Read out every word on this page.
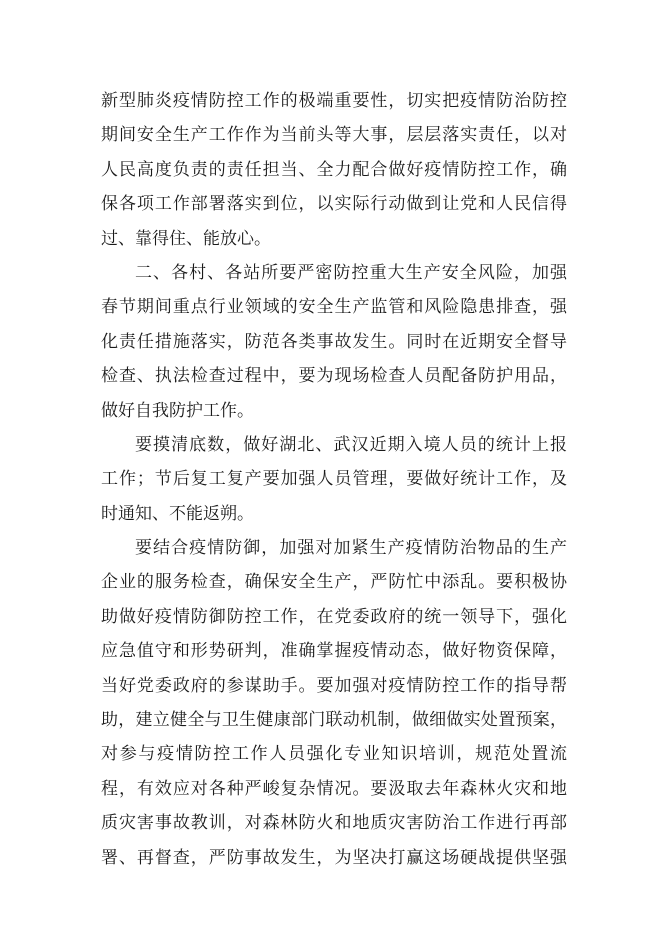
新型肺炎疫情防控工作的极端重要性，切实把疫情防治防控
期间安全生产工作作为当前头等大事，层层落实责任，以对
人民高度负责的责任担当、全力配合做好疫情防控工作，确
保各项工作部署落实到位，以实际行动做到让党和人民信得
过、靠得住、能放心。
二、各村、各站所要严密防控重大生产安全风险，加强
春节期间重点行业领域的安全生产监管和风险隐患排查，强
化责任措施落实，防范各类事故发生。同时在近期安全督导
检查、执法检查过程中，要为现场检查人员配备防护用品，
做好自我防护工作。
要摸清底数，做好湖北、武汉近期入境人员的统计上报
工作；节后复工复产要加强人员管理，要做好统计工作，及
时通知、不能返朔。
要结合疫情防御，加强对加紧生产疫情防治物品的生产
企业的服务检查，确保安全生产，严防忙中添乱。要积极协
助做好疫情防御防控工作，在党委政府的统一领导下，强化
应急值守和形势研判，准确掌握疫情动态，做好物资保障，
当好党委政府的参谋助手。要加强对疫情防控工作的指导帮
助，建立健全与卫生健康部门联动机制，做细做实处置预案，
对参与疫情防控工作人员强化专业知识培训，规范处置流
程，有效应对各种严峻复杂情况。要汲取去年森林火灾和地
质灾害事故教训，对森林防火和地质灾害防治工作进行再部
署、再督查，严防事故发生，为坚决打赢这场硬战提供坚强
